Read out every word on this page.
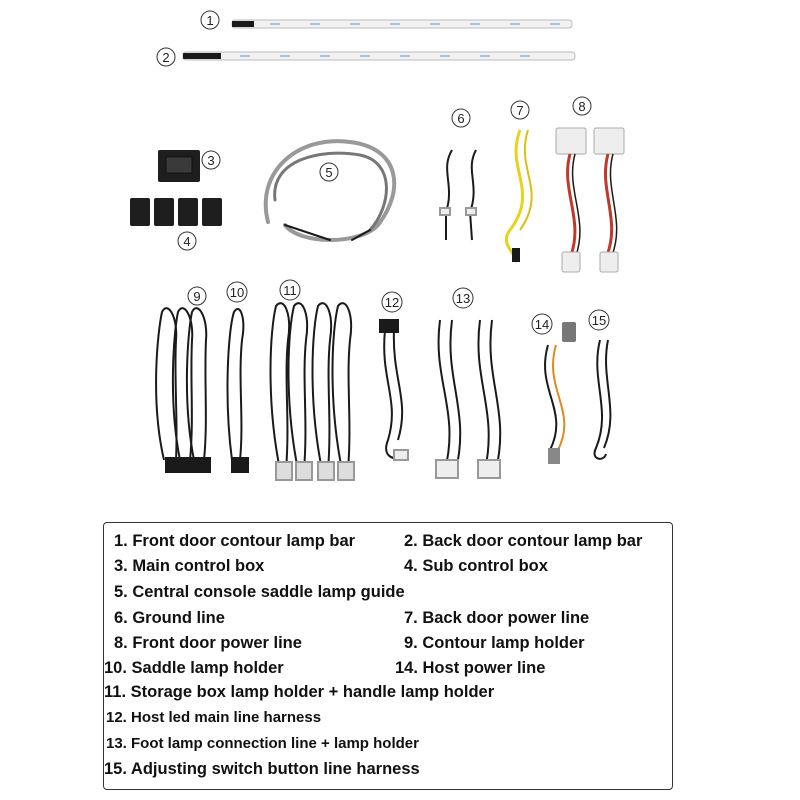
1
2
3
4
5
6
7	8
9 10	11
12	13
14	15
1. Front door contour lamp bar	2. Back door contour lamp bar
3. Main control box	4. Sub control box
5. Central console saddle lamp guide
6. Ground line	7. Back door power line
8. Front door power line	9. Contour lamp holder
10. Saddle lamp holder	14. Host power line
11. Storage box lamp holder + handle lamp holder
12. Host led main line harness
13. Foot lamp connection line + lamp holder
15. Adjusting switch button line harness
